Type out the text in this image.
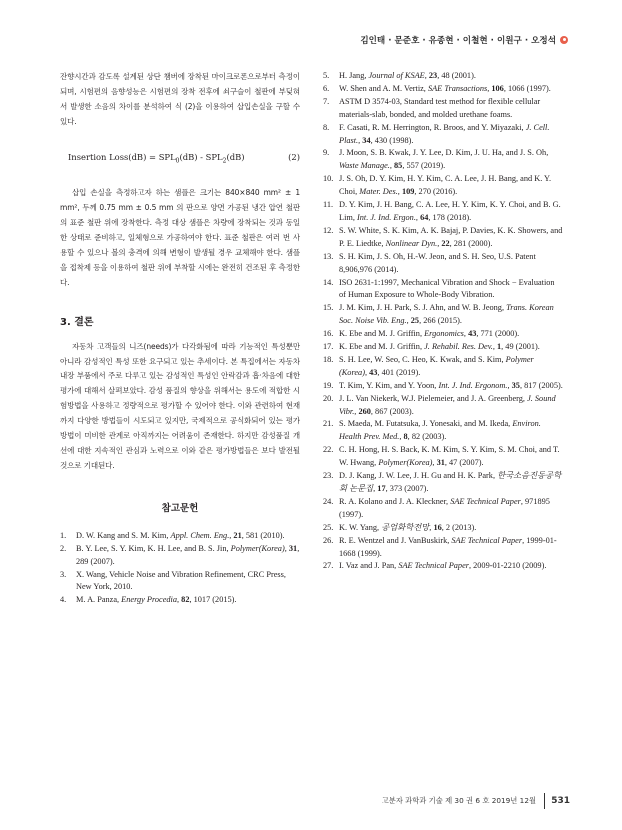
김인태 · 문준호 · 유종현 · 이철현 · 이원구 · 오정석

잔향시간과 감도록 설계된 상단 챔버에 장착된 마이크로폰으로부터 측정이 되며, 시험편의 음향성능은 시험편의 장착 전후에 쇠구슬이 철판에 부딪혀서 발생한 소음의 차이를 분석하여 식 (2)을 이용하여 삽입손실을 구할 수 있다.

Insertion Loss(dB) = $SPL_0(dB) - SPL_2(dB)$	(2)

삽입 손실을 측정하고자 하는 샘플은 크기는 840×840 mm² ± 1 mm², 두께 0.75 mm ± 0.5 mm 의 판으로 양면 가공된 냉간 압연 철판의 표준 철판 위에 장착한다. 측정 대상 샘플은 차량에 장착되는 것과 동일한 상태로 준비하고, 일체형으로 가공하여야 한다. 표준 철판은 여러 번 사용할 수 있으나 볼의 충격에 의해 변형이 발생될 경우 교체해야 한다. 샘플을 접착제 등을 이용하여 철판 위에 부착할 시에는 완전히 건조된 후 측정한다.

3. 결론

자동차 고객들의 니즈(needs)가 다각화됨에 따라 기능적인 특성뿐만 아니라 감성적인 특성 또한 요구되고 있는 추세이다. 본 특집에서는 자동차 내장 부품에서 주로 다루고 있는 감성적인 특성인 안락감과 흡·차음에 대한 평가에 대해서 살펴보았다. 감성 품질의 향상을 위해서는 용도에 적합한 시험방법을 사용하고 정량적으로 평가할 수 있어야 한다. 이와 관련하여 현재까지 다양한 방법들이 시도되고 있지만, 국제적으로 공식화되어 있는 평가방법이 미비한 관계로 아직까지는 어려움이 존재한다. 하지만 감성품질 개선에 대한 지속적인 관심과 노력으로 이와 같은 평가방법들은 보다 발전될 것으로 기대된다.

참고문헌
1. D. W. Kang and S. M. Kim, Appl. Chem. Eng., 21, 581 (2010).
2. B. Y. Lee, S. Y. Kim, K. H. Lee, and B. S. Jin, Polymer(Korea), 31, 289 (2007).
3. X. Wang, Vehicle Noise and Vibration Refinement, CRC Press, New York, 2010.
4. M. A. Panza, Energy Procedia, 82, 1017 (2015).
5. H. Jang, Journal of KSAE, 23, 48 (2001).
6. W. Shen and A. M. Vertiz, SAE Transactions, 106, 1066 (1997).
7. ASTM D 3574-03, Standard test method for flexible cellular materials-slab, bonded, and molded urethane foams.
8. F. Casati, R. M. Herrington, R. Broos, and Y. Miyazaki, J. Cell. Plast., 34, 430 (1998).
9. J. Moon, S. B. Kwak, J. Y. Lee, D. Kim, J. U. Ha, and J. S. Oh, Waste Manage., 85, 557 (2019).
10. J. S. Oh, D. Y. Kim, H. Y. Kim, C. A. Lee, J. H. Bang, and K. Y. Choi, Mater. Des., 109, 270 (2016).
11. D. Y. Kim, J. H. Bang, C. A. Lee, H. Y. Kim, K. Y. Choi, and B. G. Lim, Int. J. Ind. Ergon., 64, 178 (2018).
12. S. W. White, S. K. Kim, A. K. Bajaj, P. Davies, K. K. Showers, and P. E. Liedtke, Nonlinear Dyn., 22, 281 (2000).
13. S. H. Kim, J. S. Oh, H.-W. Jeon, and S. H. Seo, U.S. Patent 8,906,976 (2014).
14. ISO 2631-1:1997, Mechanical Vibration and Shock − Evaluation of Human Exposure to Whole-Body Vibration.
15. J. M. Kim, J. H. Park, S. J. Ahn, and W. B. Jeong, Trans. Korean Soc. Noise Vib. Eng., 25, 266 (2015).
16. K. Ebe and M. J. Griffin, Ergonomics, 43, 771 (2000).
17. K. Ebe and M. J. Griffin, J. Rehabil. Res. Dev., 1, 49 (2001).
18. S. H. Lee, W. Seo, C. Heo, K. Kwak, and S. Kim, Polymer (Korea), 43, 401 (2019).
19. T. Kim, Y. Kim, and Y. Yoon, Int. J. Ind. Ergonom., 35, 817 (2005).
20. J. L. Van Niekerk, W.J. Pielemeier, and J. A. Greenberg, J. Sound Vibr., 260, 867 (2003).
21. S. Maeda, M. Futatsuka, J. Yonesaki, and M. Ikeda, Environ. Health Prev. Med., 8, 82 (2003).
22. C. H. Hong, H. S. Back, K. M. Kim, S. Y. Kim, S. M. Choi, and T. W. Hwang, Polymer(Korea), 31, 47 (2007).
23. D. J. Kang, J. W. Lee, J. H. Gu and H. K. Park, 한국소음진동공학회 논문집, 17, 373 (2007).
24. R. A. Kolano and J. A. Kleckner, SAE Technical Paper, 971895 (1997).
25. K. W. Yang, 공업화학전망, 16, 2 (2013).
26. R. E. Wentzel and J. VanBuskirk, SAE Technical Paper, 1999-01-1668 (1999).
27. I. Vaz and J. Pan, SAE Technical Paper, 2009-01-2210 (2009).
고분자 과학과 기술 제 30 권 6 호 2019년 12월 531
